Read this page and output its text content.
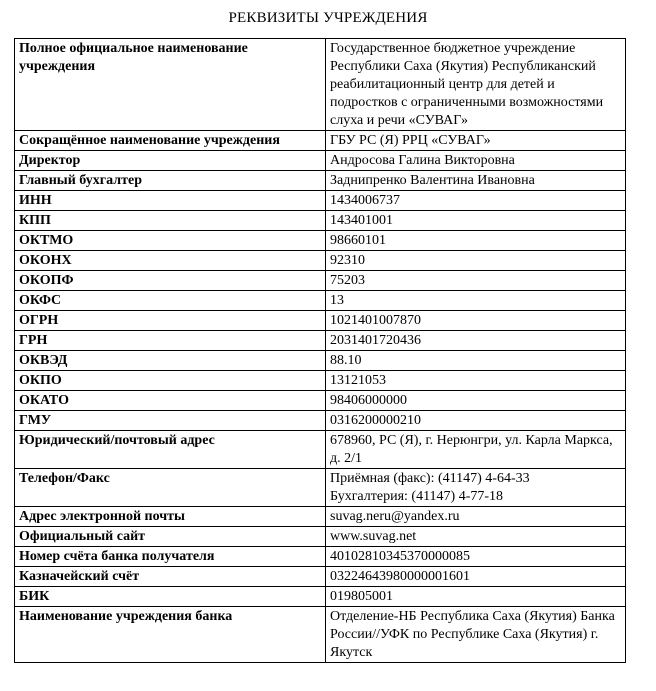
РЕКВИЗИТЫ УЧРЕЖДЕНИЯ
Полное официальное наименование учреждения	Государственное бюджетное учреждение Республики Саха (Якутия) Республиканский реабилитационный центр для детей и подростков с ограниченными возможностями слуха и речи «СУВАГ»
Сокращённое наименование учреждения	ГБУ РС (Я) РРЦ «СУВАГ»
Директор	Андросова Галина Викторовна
Главный бухгалтер	Заднипренко Валентина Ивановна
ИНН	1434006737
КПП	143401001
ОКТМО	98660101
ОКОНХ	92310
ОКОПФ	75203
ОКФС	13
ОГРН	1021401007870
ГРН	2031401720436
ОКВЭД	88.10
ОКПО	13121053
ОКАТО	98406000000
ГМУ	0316200000210
Юридический/почтовый адрес	678960, РС (Я), г. Нерюнгри, ул. Карла Маркса, д. 2/1
Телефон/Факс	Приёмная (факс): (41147) 4-64-33
Бухгалтерия: (41147) 4-77-18
Адрес электронной почты	suvag.neru@yandex.ru
Официальный сайт	www.suvag.net
Номер счёта банка получателя	40102810345370000085
Казначейский счёт	03224643980000001601
БИК	019805001
Наименование учреждения банка	Отделение-НБ Республика Саха (Якутия) Банка России//УФК по Республике Саха (Якутия) г. Якутск
